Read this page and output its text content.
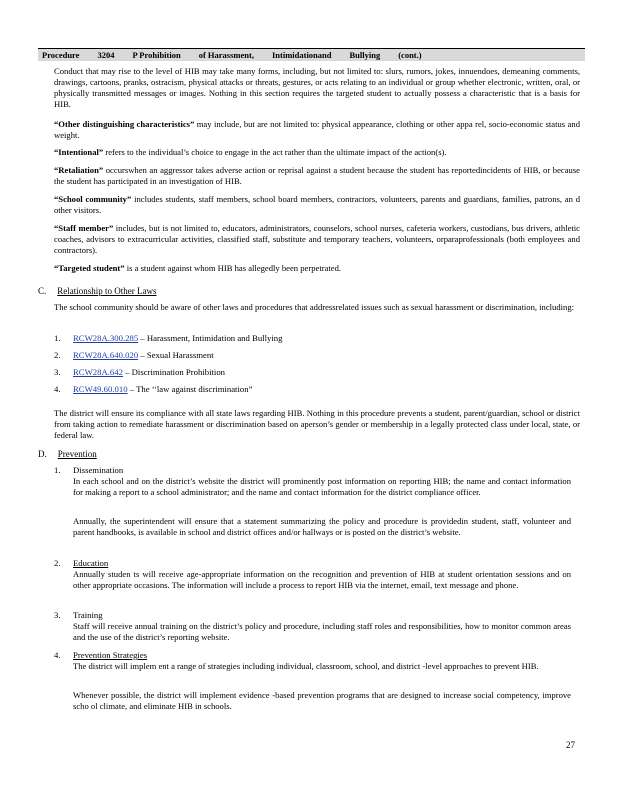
Procedure 3204 P Prohibition of Harassment, Intimidationand Bullying (cont.)

Conduct that may rise to the level of HIB may take many forms, including, but not limited to: slurs, rumors, jokes, innuendoes, demeaning comments, drawings, cartoons, pranks, ostracism, physical attacks or threats, gestures, or acts relating to an individual or group whether electronic, written, oral, or physically transmitted messages or images. Nothing in this section requires the targeted student to actually possess a characteristic that is a basis for HIB.

“Other distinguishing characteristics” may include, but are not limited to: physical appearance, clothing or other appa rel, socio-economic status and weight.

“Intentional” refers to the individual’s choice to engage in the act rather than the ultimate impact of the action(s).

“Retaliation” occurswhen an aggressor takes adverse action or reprisal against a student because the student has reportedincidents of HIB, or because the student has participated in an investigation of HIB.

“School community” includes students, staff members, school board members, contractors, volunteers, parents and guardians, families, patrons, an d other visitors.

“Staff member” includes, but is not limited to, educators, administrators, counselors, school nurses, cafeteria workers, custodians, bus drivers, athletic coaches, advisors to extracurricular activities, classified staff, substitute and temporary teachers, volunteers, orparaprofessionals (both employees and contractors).

“Targeted student” is a student against whom HIB has allegedly been perpetrated.

C. Relationship to Other Laws

The school community should be aware of other laws and procedures that addressrelated issues such as sexual harassment or discrimination, including:

1. RCW28A.300.285 – Harassment, Intimidation and Bullying
2. RCW28A.640.020 – Sexual Harassment
3. RCW28A.642 – Discrimination Prohibition
4. RCW49.60.010 – The ‘‘law against discrimination”

The district will ensure its compliance with all state laws regarding HIB. Nothing in this procedure prevents a student, parent/guardian, school or district from taking action to remediate harassment or discrimination based on aperson’s gender or membership in a legally protected class under local, state, or federal law.

D. Prevention
1. Dissemination

In each school and on the district’s website the district will prominently post information on reporting HIB; the name and contact information for making a report to a school administrator; and the name and contact information for the district compliance officer.

Annually, the superintendent will ensure that a statement summarizing the policy and procedure is providedin student, staff, volunteer and parent handbooks, is available in school and district offices and/or hallways or is posted on the district’s website.

2. Education

Annually studen ts will receive age-appropriate information on the recognition and prevention of HIB at student orientation sessions and on other appropriate occasions. The information will include a process to report HIB via the internet, email, text message and phone.

3. Training

Staff will receive annual training on the district’s policy and procedure, including staff roles and responsibilities, how to monitor common areas and the use of the district’s reporting website.

4. Prevention Strategies

The district will implem ent a range of strategies including individual, classroom, school, and district -level approaches to prevent HIB.

Whenever possible, the district will implement evidence -based prevention programs that are designed to increase social competency, improve scho ol climate, and eliminate HIB in schools.

27
